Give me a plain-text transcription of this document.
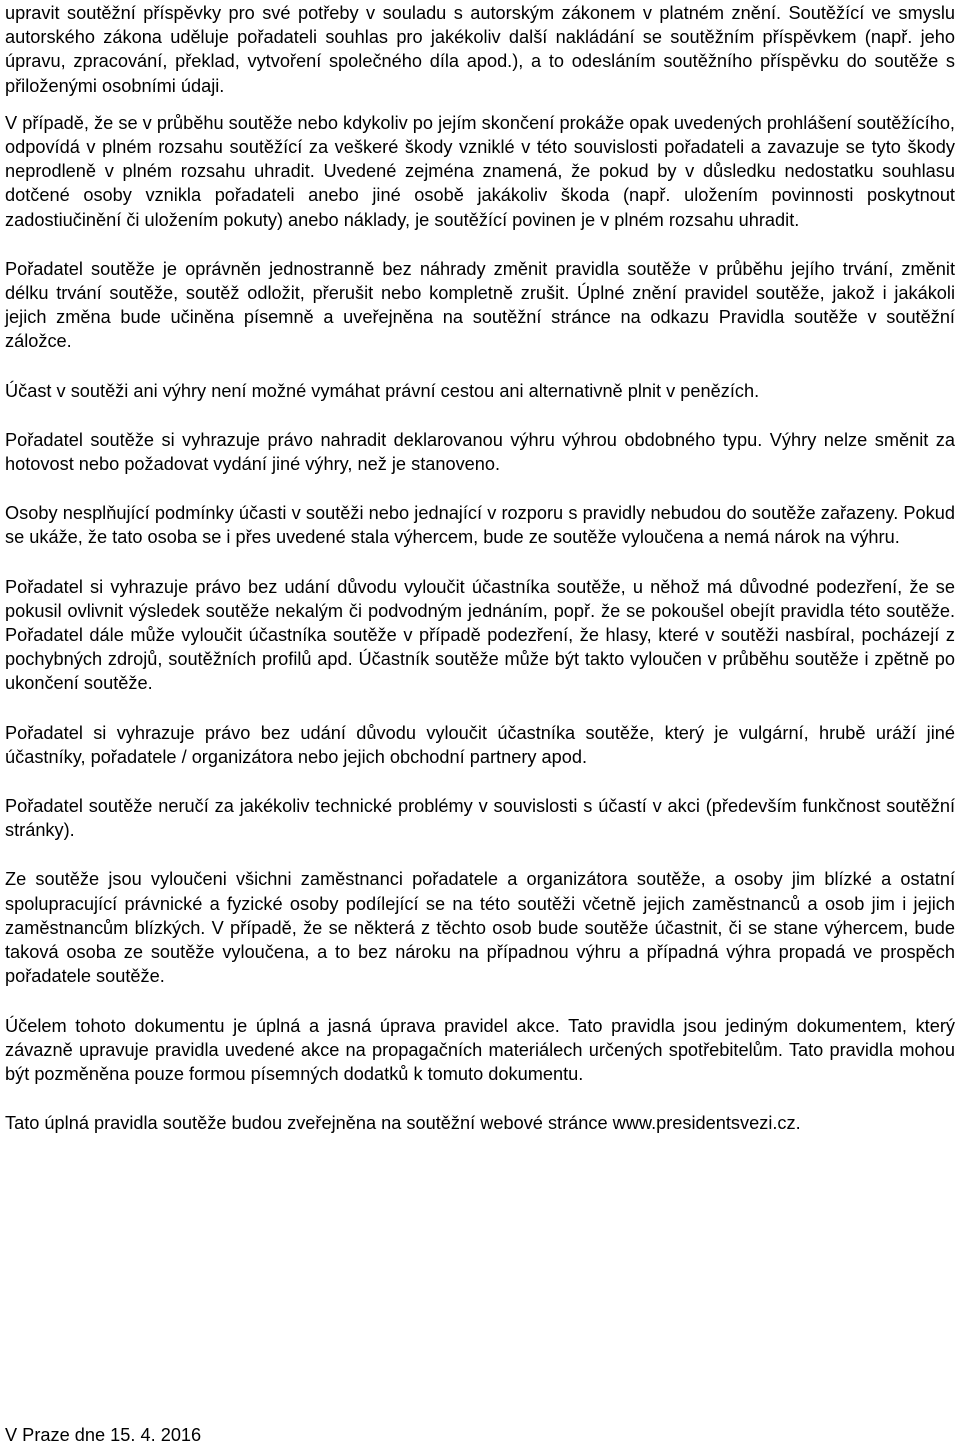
upravit soutěžní příspěvky pro své potřeby v souladu s autorským zákonem v platném znění. Soutěžící ve smyslu autorského zákona uděluje pořadateli souhlas pro jakékoliv další nakládání se soutěžním příspěvkem (např. jeho úpravu, zpracování, překlad, vytvoření společného díla apod.), a to odesláním soutěžního příspěvku do soutěže s přiloženými osobními údaji.

V případě, že se v průběhu soutěže nebo kdykoliv po jejím skončení prokáže opak uvedených prohlášení soutěžícího, odpovídá v plném rozsahu soutěžící za veškeré škody vzniklé v této souvislosti pořadateli a zavazuje se tyto škody neprodleně v plném rozsahu uhradit. Uvedené zejména znamená, že pokud by v důsledku nedostatku souhlasu dotčené osoby vznikla pořadateli anebo jiné osobě jakákoliv škoda (např. uložením povinnosti poskytnout zadostiučinění či uložením pokuty) anebo náklady, je soutěžící povinen je v plném rozsahu uhradit.

Pořadatel soutěže je oprávněn jednostranně bez náhrady změnit pravidla soutěže v průběhu jejího trvání, změnit délku trvání soutěže, soutěž odložit, přerušit nebo kompletně zrušit. Úplné znění pravidel soutěže, jakož i jakákoli jejich změna bude učiněna písemně a uveřejněna na soutěžní stránce na odkazu Pravidla soutěže v soutěžní záložce.

Účast v soutěži ani výhry není možné vymáhat právní cestou ani alternativně plnit v penězích.

Pořadatel soutěže si vyhrazuje právo nahradit deklarovanou výhru výhrou obdobného typu. Výhry nelze směnit za hotovost nebo požadovat vydání jiné výhry, než je stanoveno.

Osoby nesplňující podmínky účasti v soutěži nebo jednající v rozporu s pravidly nebudou do soutěže zařazeny. Pokud se ukáže, že tato osoba se i přes uvedené stala výhercem, bude ze soutěže vyloučena a nemá nárok na výhru.

Pořadatel si vyhrazuje právo bez udání důvodu vyloučit účastníka soutěže, u něhož má důvodné podezření, že se pokusil ovlivnit výsledek soutěže nekalým či podvodným jednáním, popř. že se pokoušel obejít pravidla této soutěže. Pořadatel dále může vyloučit účastníka soutěže v případě podezření, že hlasy, které v soutěži nasbíral, pocházejí z pochybných zdrojů, soutěžních profilů apd. Účastník soutěže může být takto vyloučen v průběhu soutěže i zpětně po ukončení soutěže.

Pořadatel si vyhrazuje právo bez udání důvodu vyloučit účastníka soutěže, který je vulgární, hrubě uráží jiné účastníky, pořadatele / organizátora nebo jejich obchodní partnery apod.

Pořadatel soutěže neručí za jakékoliv technické problémy v souvislosti s účastí v akci (především funkčnost soutěžní stránky).

Ze soutěže jsou vyloučeni všichni zaměstnanci pořadatele a organizátora soutěže, a osoby jim blízké a ostatní spolupracující právnické a fyzické osoby podílející se na této soutěži včetně jejich zaměstnanců a osob jim i jejich zaměstnancům blízkých. V případě, že se některá z těchto osob bude soutěže účastnit, či se stane výhercem, bude taková osoba ze soutěže vyloučena, a to bez nároku na případnou výhru a případná výhra propadá ve prospěch pořadatele soutěže.

Účelem tohoto dokumentu je úplná a jasná úprava pravidel akce. Tato pravidla jsou jediným dokumentem, který závazně upravuje pravidla uvedené akce na propagačních materiálech určených spotřebitelům. Tato pravidla mohou být pozměněna pouze formou písemných dodatků k tomuto dokumentu.

Tato úplná pravidla soutěže budou zveřejněna na soutěžní webové stránce www.presidentsvezi.cz.

V Praze dne 15. 4. 2016
